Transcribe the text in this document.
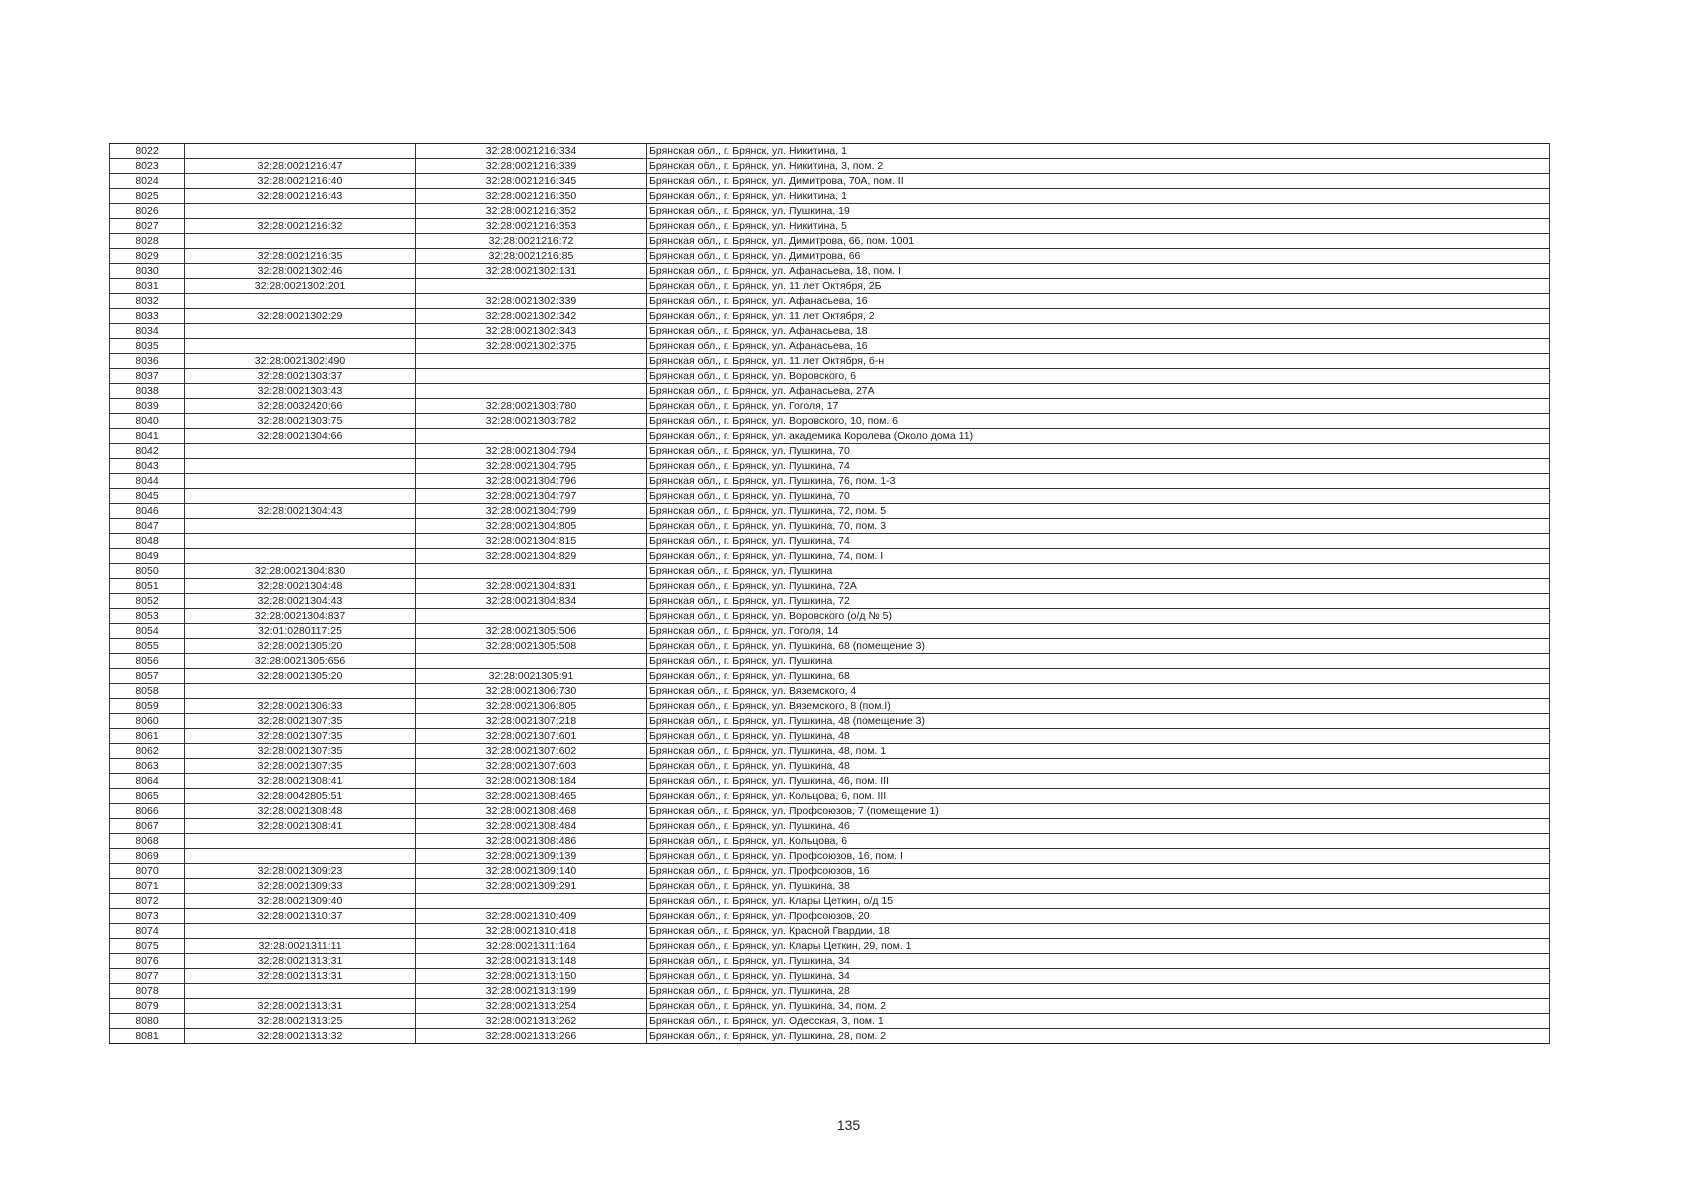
8022		32:28:0021216:334	Брянская обл., г. Брянск, ул. Никитина, 1
8023	32:28:0021216:47	32:28:0021216:339	Брянская обл., г. Брянск, ул. Никитина, 3, пом. 2
8024	32:28:0021216:40	32:28:0021216:345	Брянская обл., г. Брянск, ул. Димитрова, 70А, пом. II
8025	32:28:0021216:43	32:28:0021216:350	Брянская обл., г. Брянск, ул. Никитина, 1
8026		32:28:0021216:352	Брянская обл., г. Брянск, ул. Пушкина, 19
8027	32:28:0021216:32	32:28:0021216:353	Брянская обл., г. Брянск, ул. Никитина, 5
8028		32:28:0021216:72	Брянская обл., г. Брянск, ул. Димитрова, 66, пом. 1001
8029	32:28:0021216:35	32:28:0021216:85	Брянская обл., г. Брянск, ул. Димитрова, 66
8030	32:28:0021302:46	32:28:0021302:131	Брянская обл., г. Брянск, ул. Афанасьева, 18, пом. I
8031	32:28:0021302:201		Брянская обл., г. Брянск, ул. 11 лет Октября, 2Б
8032		32:28:0021302:339	Брянская обл., г. Брянск, ул. Афанасьева, 16
8033	32:28:0021302:29	32:28:0021302:342	Брянская обл., г. Брянск, ул. 11 лет Октября, 2
8034		32:28:0021302:343	Брянская обл., г. Брянск, ул. Афанасьева, 18
8035		32:28:0021302:375	Брянская обл., г. Брянск, ул. Афанасьева, 16
8036	32:28:0021302:490		Брянская обл., г. Брянск, ул. 11 лет Октября, б-н
8037	32:28:0021303:37		Брянская обл., г. Брянск, ул. Воровского, 6
8038	32:28:0021303:43		Брянская обл., г. Брянск, ул. Афанасьева, 27А
8039	32:28:0032420:66	32:28:0021303:780	Брянская обл., г. Брянск, ул. Гоголя, 17
8040	32:28:0021303:75	32:28:0021303:782	Брянская обл., г. Брянск, ул. Воровского, 10, пом. 6
8041	32:28:0021304:66		Брянская обл., г. Брянск, ул. академика Королева (Около дома 11)
8042		32:28:0021304:794	Брянская обл., г. Брянск, ул. Пушкина, 70
8043		32:28:0021304:795	Брянская обл., г. Брянск, ул. Пушкина, 74
8044		32:28:0021304:796	Брянская обл., г. Брянск, ул. Пушкина, 76, пом. 1-3
8045		32:28:0021304:797	Брянская обл., г. Брянск, ул. Пушкина, 70
8046	32:28:0021304:43	32:28:0021304:799	Брянская обл., г. Брянск, ул. Пушкина, 72, пом. 5
8047		32:28:0021304:805	Брянская обл., г. Брянск, ул. Пушкина, 70, пом. 3
8048		32:28:0021304:815	Брянская обл., г. Брянск, ул. Пушкина, 74
8049		32:28:0021304:829	Брянская обл., г. Брянск, ул. Пушкина, 74, пом. I
8050	32:28:0021304:830		Брянская обл., г. Брянск, ул. Пушкина
8051	32:28:0021304:48	32:28:0021304:831	Брянская обл., г. Брянск, ул. Пушкина, 72А
8052	32:28:0021304:43	32:28:0021304:834	Брянская обл., г. Брянск, ул. Пушкина, 72
8053	32:28:0021304:837		Брянская обл., г. Брянск, ул. Воровского (о/д № 5)
8054	32:01:0280117:25	32:28:0021305:506	Брянская обл., г. Брянск, ул. Гоголя, 14
8055	32:28:0021305:20	32:28:0021305:508	Брянская обл., г. Брянск, ул. Пушкина, 68 (помещение 3)
8056	32:28:0021305:656		Брянская обл., г. Брянск, ул. Пушкина
8057	32:28:0021305:20	32:28:0021305:91	Брянская обл., г. Брянск, ул. Пушкина, 68
8058		32:28:0021306:730	Брянская обл., г. Брянск, ул. Вяземского, 4
8059	32:28:0021306:33	32:28:0021306:805	Брянская обл., г. Брянск, ул. Вяземского, 8 (пом.I)
8060	32:28:0021307:35	32:28:0021307:218	Брянская обл., г. Брянск, ул. Пушкина, 48 (помещение 3)
8061	32:28:0021307:35	32:28:0021307:601	Брянская обл., г. Брянск, ул. Пушкина, 48
8062	32:28:0021307:35	32:28:0021307:602	Брянская обл., г. Брянск, ул. Пушкина, 48, пом. 1
8063	32:28:0021307:35	32:28:0021307:603	Брянская обл., г. Брянск, ул. Пушкина, 48
8064	32:28:0021308:41	32:28:0021308:184	Брянская обл., г. Брянск, ул. Пушкина, 46, пом. III
8065	32:28:0042805:51	32:28:0021308:465	Брянская обл., г. Брянск, ул. Кольцова, 6, пом. III
8066	32:28:0021308:48	32:28:0021308:468	Брянская обл., г. Брянск, ул. Профсоюзов, 7 (помещение 1)
8067	32:28:0021308:41	32:28:0021308:484	Брянская обл., г. Брянск, ул. Пушкина, 46
8068		32:28:0021308:486	Брянская обл., г. Брянск, ул. Кольцова, 6
8069		32:28:0021309:139	Брянская обл., г. Брянск, ул. Профсоюзов, 16, пом. I
8070	32:28:0021309:23	32:28:0021309:140	Брянская обл., г. Брянск, ул. Профсоюзов, 16
8071	32:28:0021309:33	32:28:0021309:291	Брянская обл., г. Брянск, ул. Пушкина, 38
8072	32:28:0021309:40		Брянская обл., г. Брянск, ул. Клары Цеткин, о/д 15
8073	32:28:0021310:37	32:28:0021310:409	Брянская обл., г. Брянск, ул. Профсоюзов, 20
8074		32:28:0021310:418	Брянская обл., г. Брянск, ул. Красной Гвардии, 18
8075	32:28:0021311:11	32:28:0021311:164	Брянская обл., г. Брянск, ул. Клары Цеткин, 29, пом. 1
8076	32:28:0021313:31	32:28:0021313:148	Брянская обл., г. Брянск, ул. Пушкина, 34
8077	32:28:0021313:31	32:28:0021313:150	Брянская обл., г. Брянск, ул. Пушкина, 34
8078		32:28:0021313:199	Брянская обл., г. Брянск, ул. Пушкина, 28
8079	32:28:0021313:31	32:28:0021313:254	Брянская обл., г. Брянск, ул. Пушкина, 34, пом. 2
8080	32:28:0021313:25	32:28:0021313:262	Брянская обл., г. Брянск, ул. Одесская, 3, пом. 1
8081	32:28:0021313:32	32:28:0021313:266	Брянская обл., г. Брянск, ул. Пушкина, 28, пом. 2
135
